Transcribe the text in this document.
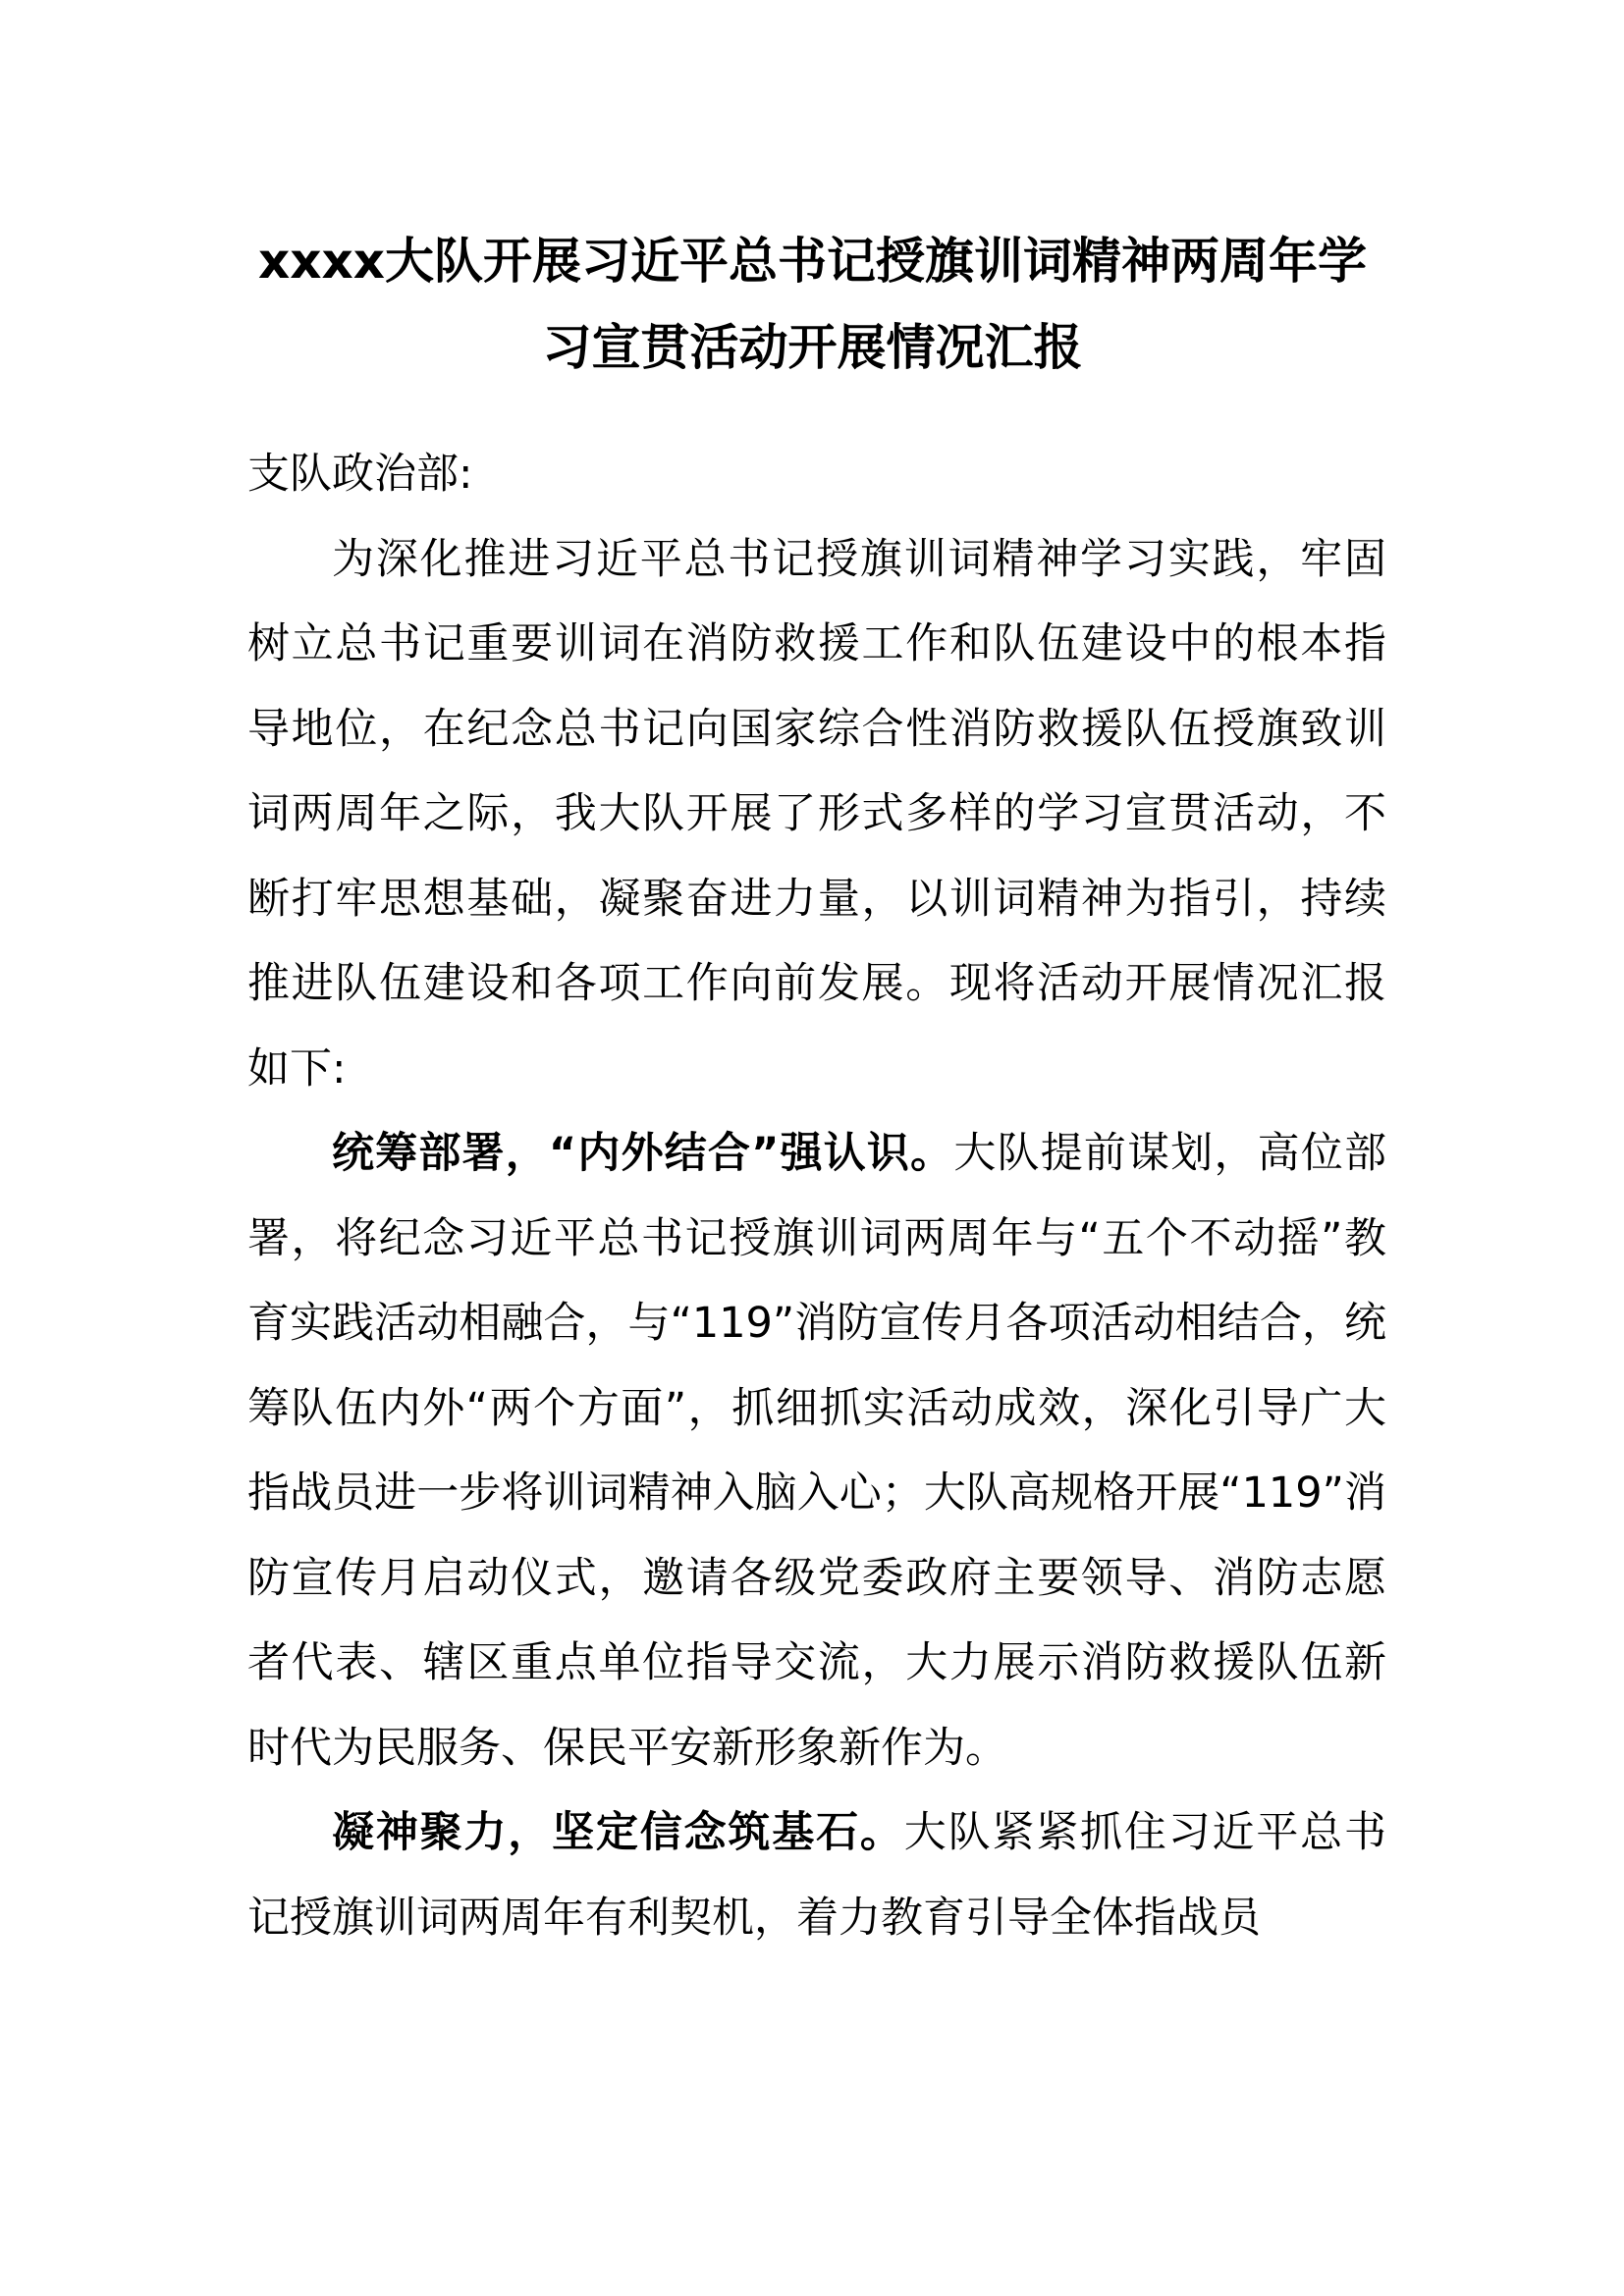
xxxx大队开展习近平总书记授旗训词精神两周年学习宣贯活动开展情况汇报

支队政治部:

为深化推进习近平总书记授旗训词精神学习实践，牢固树立总书记重要训词在消防救援工作和队伍建设中的根本指导地位，在纪念总书记向国家综合性消防救援队伍授旗致训词两周年之际，我大队开展了形式多样的学习宣贯活动，不断打牢思想基础，凝聚奋进力量，以训词精神为指引，持续推进队伍建设和各项工作向前发展。现将活动开展情况汇报如下:

统筹部署，“内外结合”强认识。大队提前谋划，高位部署，将纪念习近平总书记授旗训词两周年与“五个不动摇”教育实践活动相融合，与“119”消防宣传月各项活动相结合，统筹队伍内外“两个方面”，抓细抓实活动成效，深化引导广大指战员进一步将训词精神入脑入心；大队高规格开展“119”消防宣传月启动仪式，邀请各级党委政府主要领导、消防志愿者代表、辖区重点单位指导交流，大力展示消防救援队伍新时代为民服务、保民平安新形象新作为。

凝神聚力，坚定信念筑基石。大队紧紧抓住习近平总书记授旗训词两周年有利契机，着力教育引导全体指战员
